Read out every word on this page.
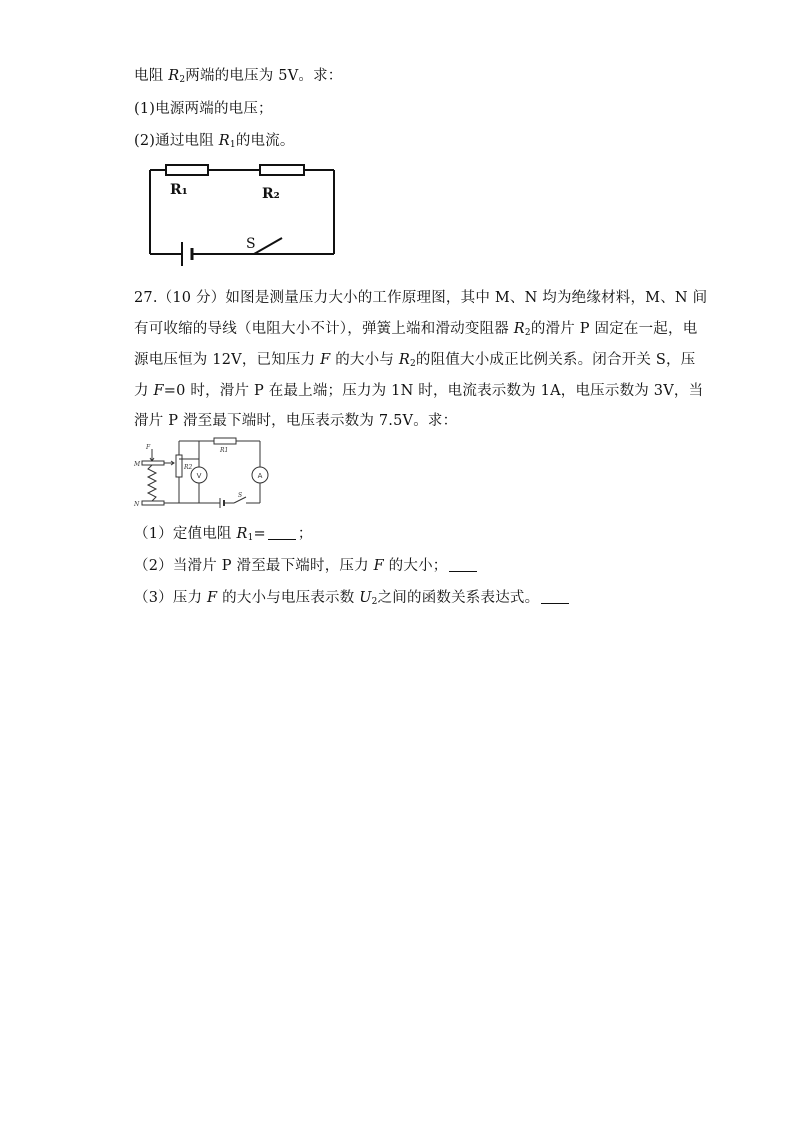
电阻 $R_2$两端的电压为 5V。求：
(1)电源两端的电压；
(2)通过电阻 $R_1$的电流。
R₁	R₂
S
27.（10 分）如图是测量压力大小的工作原理图，其中 M、N 均为绝缘材料，M、N 间
有可收缩的导线（电阻大小不计），弹簧上端和滑动变阻器 $R_2$的滑片 P 固定在一起，电
源电压恒为 12V，已知压力 F 的大小与 $R_2$的阻值大小成正比例关系。闭合开关 S，压
力 F=0 时，滑片 P 在最上端；压力为 1N 时，电流表示数为 1A，电压示数为 3V，当
滑片 P 滑至最下端时，电压表示数为 7.5V。求：
F
M
N
R1
R2
S
V	A
（1）定值电阻 $R_1=$ ；
（2）当滑片 P 滑至最下端时，压力 F 的大小；
（3）压力 F 的大小与电压表示数 $U_2$之间的函数关系表达式。
